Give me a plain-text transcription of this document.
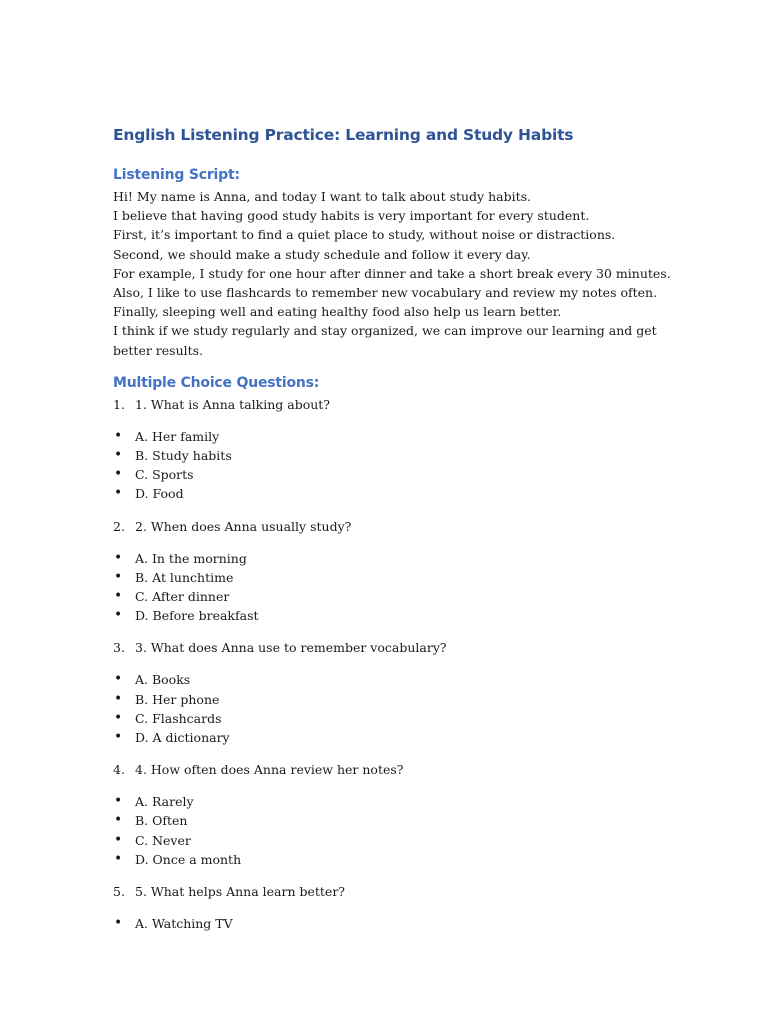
English Listening Practice: Learning and Study Habits
Listening Script:

Hi! My name is Anna, and today I want to talk about study habits.

I believe that having good study habits is very important for every student.

First, it’s important to find a quiet place to study, without noise or distractions.

Second, we should make a study schedule and follow it every day.

For example, I study for one hour after dinner and take a short break every 30 minutes.

Also, I like to use flashcards to remember new vocabulary and review my notes often.

Finally, sleeping well and eating healthy food also help us learn better.

I think if we study regularly and stay organized, we can improve our learning and get better results.

Multiple Choice Questions:

1. 1. What is Anna talking about?

•	A. Her family
•	B. Study habits
•	C. Sports
•	D. Food

2. 2. When does Anna usually study?

•	A. In the morning
•	B. At lunchtime
•	C. After dinner
•	D. Before breakfast

3. 3. What does Anna use to remember vocabulary?

•	A. Books
•	B. Her phone
•	C. Flashcards
•	D. A dictionary

4. 4. How often does Anna review her notes?

•	A. Rarely
•	B. Often
•	C. Never
•	D. Once a month

5. 5. What helps Anna learn better?

•	A. Watching TV
